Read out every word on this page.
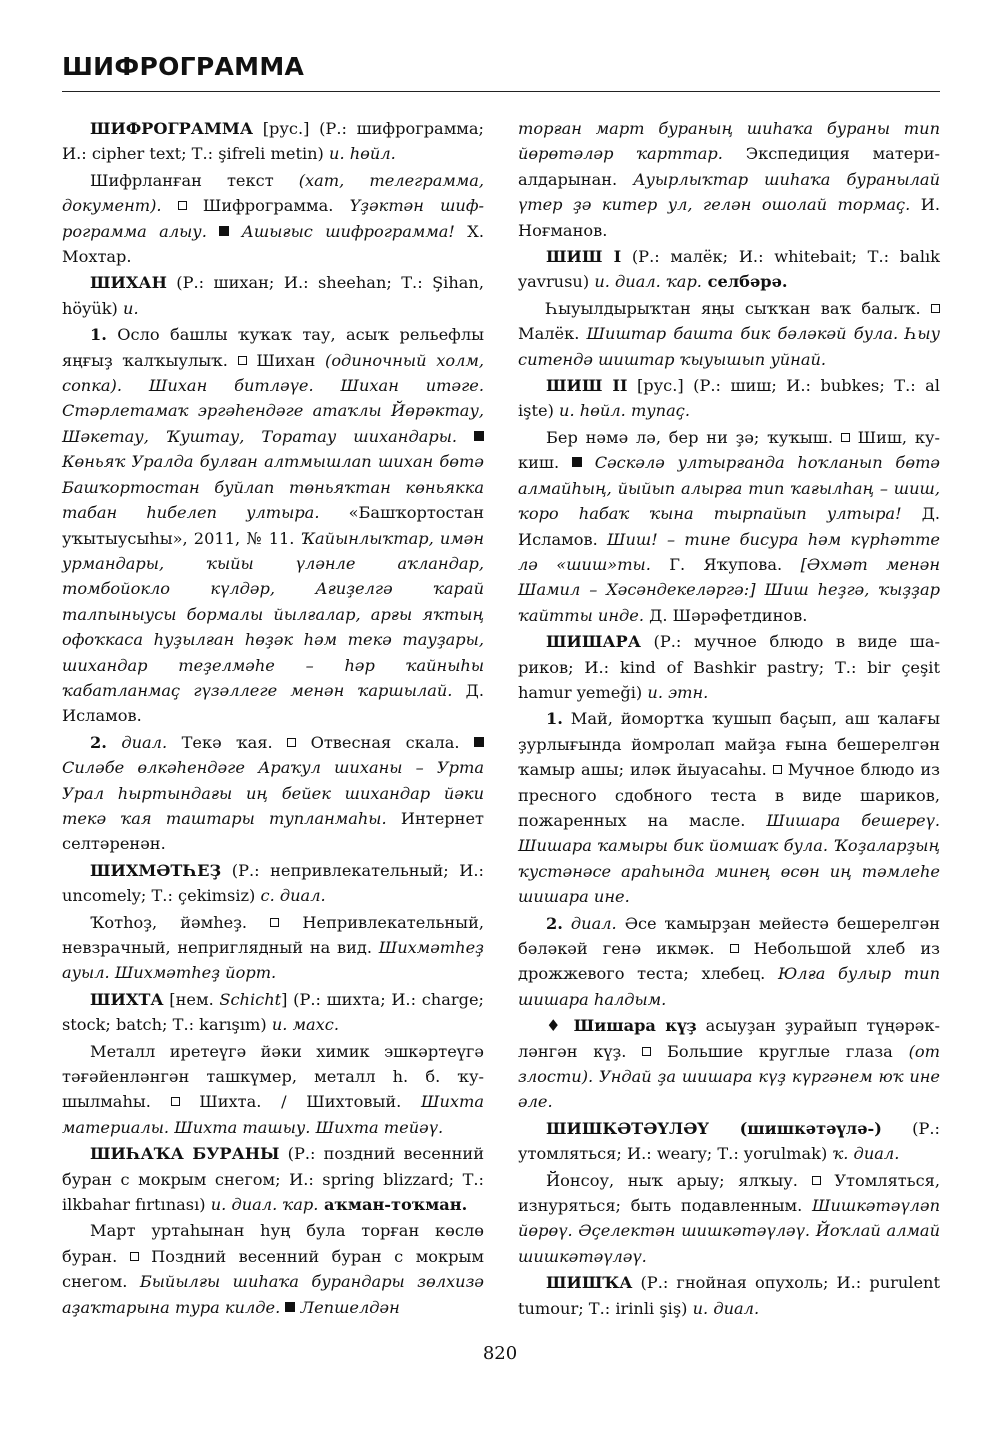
ШИФРОГРАММА

ШИФРОГРАММА [рус.] (Р.: шифрограмма; И.: cipher text; Т.: şifreli metin) и. һөйл.

Шифрланған текст (хат, телеграмма, документ).  Шифрограмма. Үҙәктән шифрограмма алыу. Ашығыс шифрограмма! Х. Мохтар.

ШИХАН (Р.: шихан; И.: sheehan; Т.: Şihan, höyük) и.

1. Осло башлы ҡуҡаҡ тау, асыҡ рельефлы яңғыҙ ҡалҡыулыҡ.  Шихан (одиночный холм, сопка). Шихан битләүе. Шихан итәге. Стәрлетамаҡ эргәһендәге атаҡлы Йөрәктау, Шәкетау, Ҡуштау, Торатау шихандары.  Көньяҡ Уралда булған алтмышлап шихан бөтә Башҡортостан буйлап төньяҡтан көньякка табан һибелеп ултыра. «Башҡортостан уҡытыусыһы», 2011, № 11. Ҡайынлыҡтар, имән урмандары, ҡыйы үләнле аҡландар, томбойокло күлдәр, Ағиҙелгә ҡарай талпыныусы бормалы йылғалар, арғы яҡтың офоҡкаса һуҙылған һөҙәк һәм текә тауҙары, шихандар теҙелмәһе – һәр ҡайныһы ҡабатланмаҫ гүзәллеге менән ҡаршылай. Д. Исламов.

2. диал. Текә ҡая.  Отвесная скала.  Силәбе өлкәһендәге Араҡул шиханы – Урта Урал һыртындағы иң бейек шихандар йәки текә ҡая таштары тупланмаһы. Интернет селтәренән.

ШИХМӘТҺЕҘ (Р.: непривлекательный; И.: uncomely; Т.: çekimsiz) с. диал.

Ҡотһоҙ, йәмһеҙ.  Непривлекательный, невзрачный, неприглядный на вид. Шихмәтһеҙ ауыл. Шихмәтһеҙ йорт.

ШИХТА [нем. Schicht] (Р.: шихта; И.: charge; stock; batch; Т.: karışım) и. махс.

Металл иретеүгә йәки химик эшкәртеүгә тәғәйенләнгән ташкүмер, металл һ. б. ҡушылмаһы.  Шихта. / Шихтовый. Шихта материалы. Шихта ташыу. Шихта тейәү.

ШИҺАҠА БУРАНЫ (Р.: поздний весенний буран с мокрым снегом; И.: spring blizzard; Т.: ilkbahar fırtınası) и. диал. ҡар. аҡман-тоҡман.

Март уртаһынан һуң була торған көслө буран.  Поздний весенний буран с мокрым снегом. Быйылғы шиһаҡа бурандары зөлхизә аҙаҡтарына тура килде. Лепшелдән

торған март бураның шиһаҡа бураны тип йөрөтәләр ҡарттар. Экспедиция материалдарынан. Ауырлыҡтар шиһаҡа буранылай үтер ҙә китер ул, гелән ошолай тормаҫ. И. Ноғманов.

ШИШ I (Р.: малёк; И.: whitebait; Т.: balık yavrusu) и. диал. ҡар. селбәрә.

Һыуылдырыҡтан яңы сыҡҡан ваҡ балыҡ.  Малёк. Шиштар башта бик бәләкәй була. Һыу ситендә шиштар ҡыуышып уйнай.

ШИШ II [рус.] (Р.: шиш; И.: bubkes; Т.: al işte) и. һөйл. тупаҫ.

Бер нәмә лә, бер ни ҙә; ҡуҡыш.  Шиш, кукиш.  Сәскәлә ултырғанда һоҡланып бөтә алмайһың, йыйып алырға тип ҡағылһаң – шиш, ҡоро һабаҡ ҡына тырпайып ултыра! Д. Исламов. Шиш! – тине бисура һәм күрһәтте лә «шиш»ты. Г. Яҡупова. [Әхмәт менән Шамил – Хәсәндекеләргә:] Шиш һеҙгә, ҡыҙҙар ҡайтты инде. Д. Шәрәфетдинов.

ШИШАРА (Р.: мучное блюдо в виде шариков; И.: kind of Bashkir pastry; Т.: bir çeşit hamur yemeği) и. этн.

1. Май, йомортҡа ҡушып баҫып, аш ҡалағы ҙурлығында йомролап майҙа ғына бешерелгән ҡамыр ашы; иләк йыуасаһы.  Мучное блюдо из пресного сдобного теста в виде шариков, пожаренных на масле. Шишара бешереү. Шишара ҡамыры бик йомшаҡ була. Ҡоҙаларҙың ҡустәнәсе араһында минең өсөн иң тәмлеһе шишара ине.

2. диал. Әсе ҡамырҙан мейестә бешерелгән бәләкәй генә икмәк.  Небольшой хлеб из дрожжевого теста; хлебец. Юлға булыр тип шишара һалдым.

♦ Шишара күҙ асыуҙан ҙурайып түңәрәкләнгән күҙ.  Большие круглые глаза (от злости). Ундай ҙа шишара күҙ күргәнем юҡ ине әле.

ШИШКӘТӘҮЛӘҮ (шишкәтәүлә-) (Р.: утомляться; И.: weary; Т.: yorulmak) ҡ. диал.

Йонсоу, ныҡ арыу; ялҡыу.  Утомляться, изнуряться; быть подавленным. Шишкәтәүләп йөрөү. Әҫелектән шишкәтәүләү. Йоҡлай алмай шишкәтәүләү.

ШИШҠА (Р.: гнойная опухоль; И.: purulent tumour; Т.: irinli şiş) и. диал.

820
